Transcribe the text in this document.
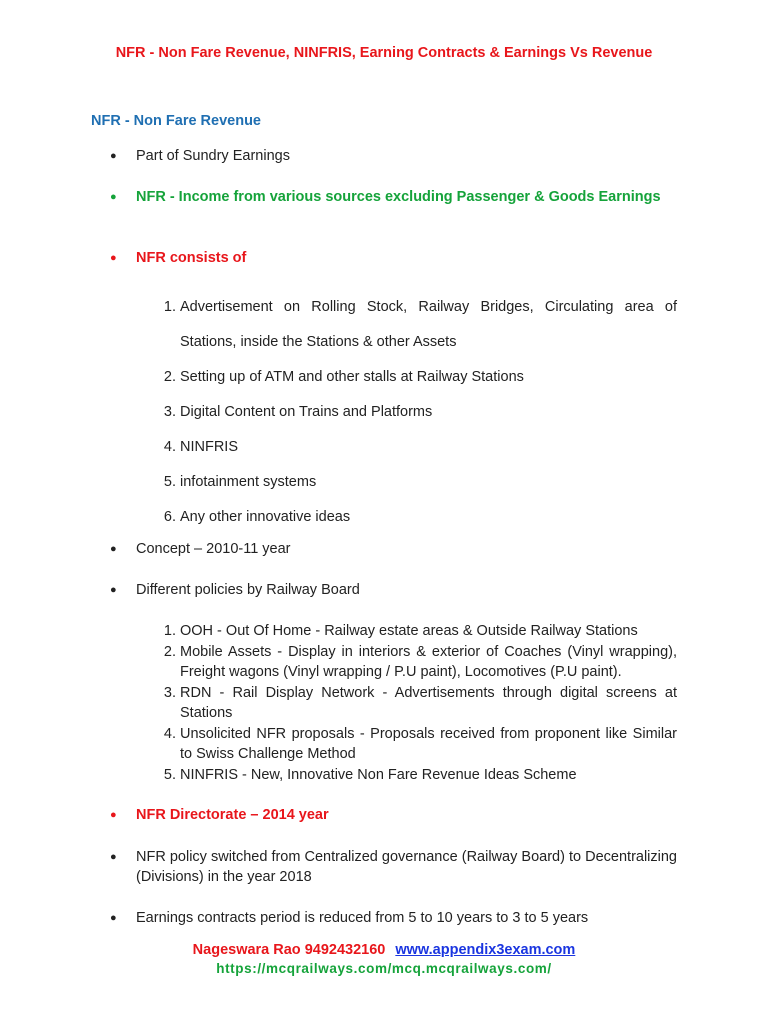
NFR - Non Fare Revenue, NINFRIS, Earning Contracts & Earnings Vs Revenue
NFR - Non Fare Revenue
● Part of Sundry Earnings
● NFR - Income from various sources excluding Passenger & Goods Earnings
● NFR consists of
1. Advertisement on Rolling Stock, Railway Bridges, Circulating area of Stations, inside the Stations & other Assets
2. Setting up of ATM and other stalls at Railway Stations
3. Digital Content on Trains and Platforms
4. NINFRIS
5. infotainment systems
6. Any other innovative ideas
● Concept – 2010-11 year
● Different policies by Railway Board
1. OOH - Out Of Home - Railway estate areas & Outside Railway Stations
2. Mobile Assets - Display in interiors & exterior of Coaches (Vinyl wrapping), Freight wagons (Vinyl wrapping / P.U paint), Locomotives (P.U paint).
3. RDN - Rail Display Network - Advertisements through digital screens at Stations
4. Unsolicited NFR proposals - Proposals received from proponent like Similar to Swiss Challenge Method
5. NINFRIS - New, Innovative Non Fare Revenue Ideas Scheme
● NFR Directorate – 2014 year
● NFR policy switched from Centralized governance (Railway Board) to Decentralizing (Divisions) in the year 2018
● Earnings contracts period is reduced from 5 to 10 years to 3 to 5 years
Nageswara Rao 9492432160 www.appendix3exam.com
https://mcqrailways.com/mcq.mcqrailways.com/
